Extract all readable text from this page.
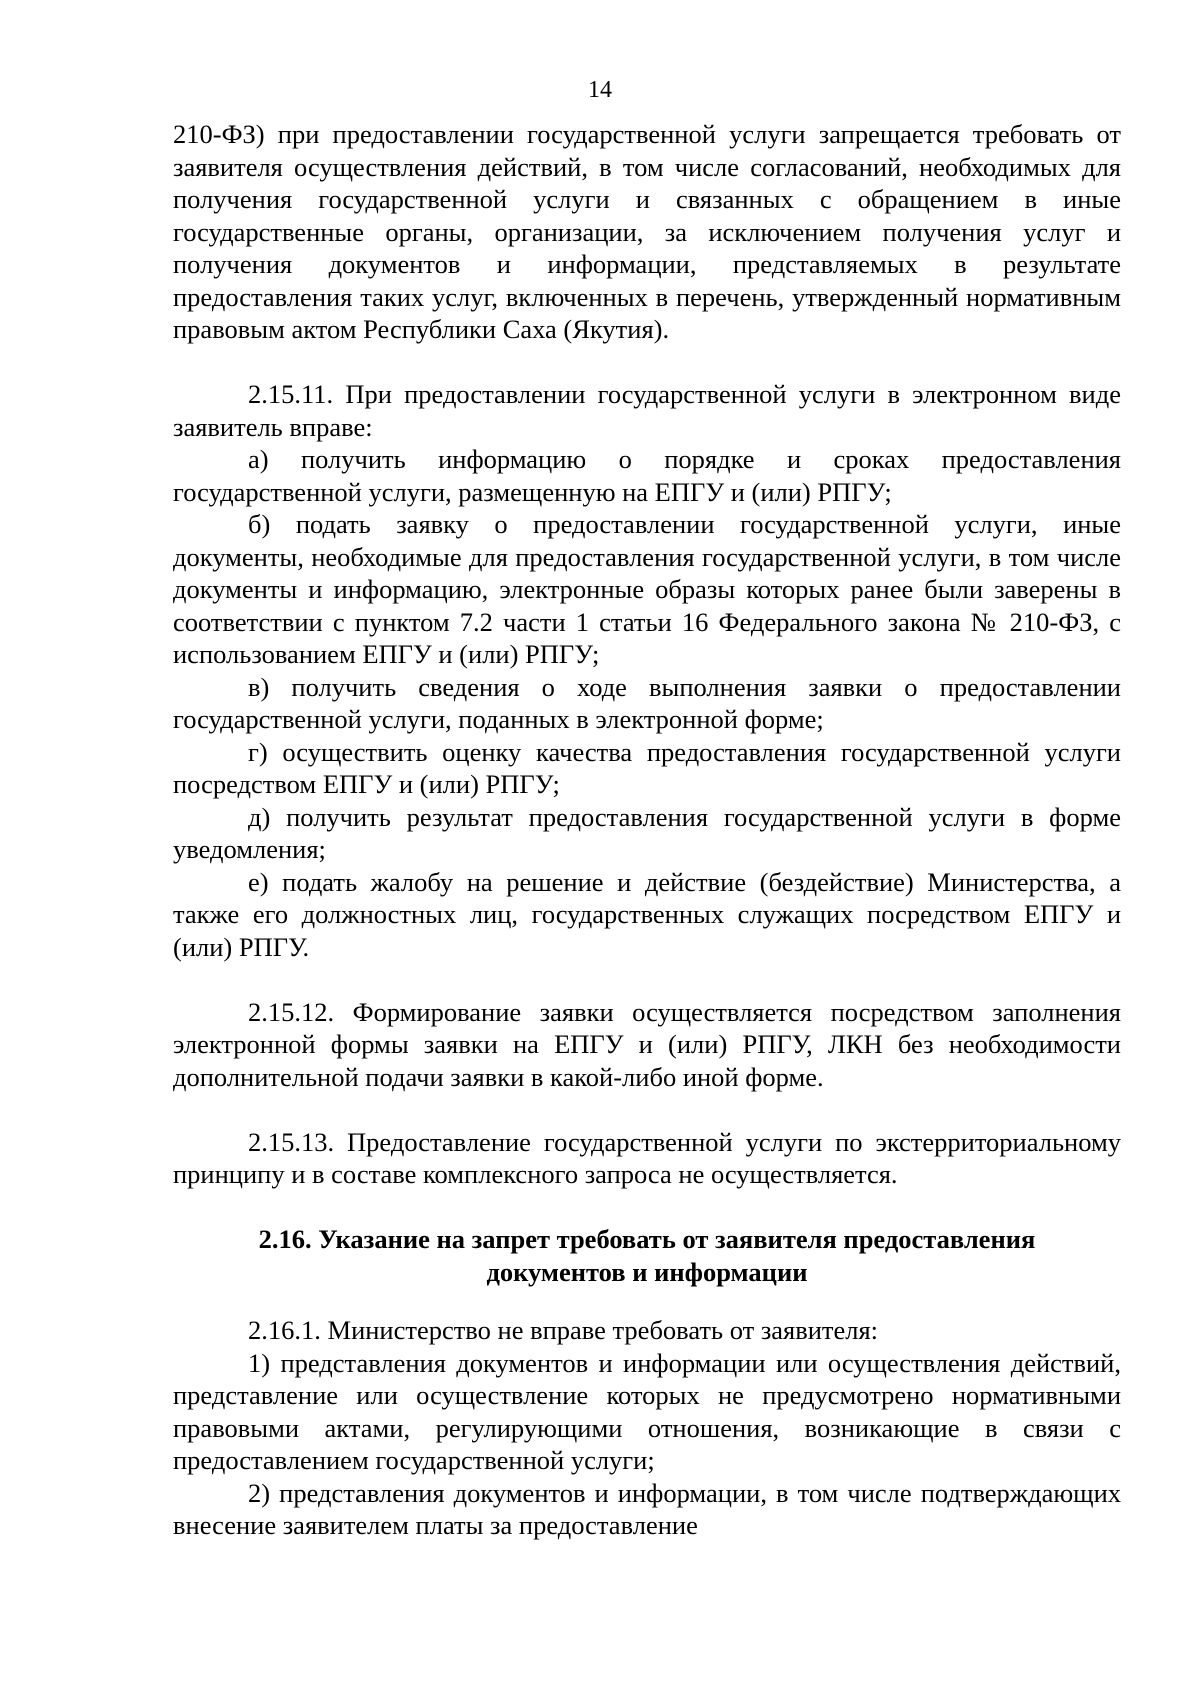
14

210-ФЗ) при предоставлении государственной услуги запрещается требовать от заявителя осуществления действий, в том числе согласований, необходимых для получения государственной услуги и связанных с обращением в иные государственные органы, организации, за исключением получения услуг и получения документов и информации, представляемых в результате предоставления таких услуг, включенных в перечень, утвержденный нормативным правовым актом Республики Саха (Якутия).

2.15.11. При предоставлении государственной услуги в электронном виде заявитель вправе:

а) получить информацию о порядке и сроках предоставления государственной услуги, размещенную на ЕПГУ и (или) РПГУ;

б) подать заявку о предоставлении государственной услуги, иные документы, необходимые для предоставления государственной услуги, в том числе документы и информацию, электронные образы которых ранее были заверены в соответствии с пунктом 7.2 части 1 статьи 16 Федерального закона № 210-ФЗ, с использованием ЕПГУ и (или) РПГУ;

в) получить сведения о ходе выполнения заявки о предоставлении государственной услуги, поданных в электронной форме;

г) осуществить оценку качества предоставления государственной услуги посредством ЕПГУ и (или) РПГУ;

д) получить результат предоставления государственной услуги в форме уведомления;

е) подать жалобу на решение и действие (бездействие) Министерства, а также его должностных лиц, государственных служащих посредством ЕПГУ и (или) РПГУ.

2.15.12. Формирование заявки осуществляется посредством заполнения электронной формы заявки на ЕПГУ и (или) РПГУ, ЛКН без необходимости дополнительной подачи заявки в какой-либо иной форме.

2.15.13. Предоставление государственной услуги по экстерриториальному принципу и в составе комплексного запроса не осуществляется.

2.16. Указание на запрет требовать от заявителя предоставления
документов и информации

2.16.1. Министерство не вправе требовать от заявителя:

1) представления документов и информации или осуществления действий, представление или осуществление которых не предусмотрено нормативными правовыми актами, регулирующими отношения, возникающие в связи с предоставлением государственной услуги;

2) представления документов и информации, в том числе подтверждающих внесение заявителем платы за предоставление
